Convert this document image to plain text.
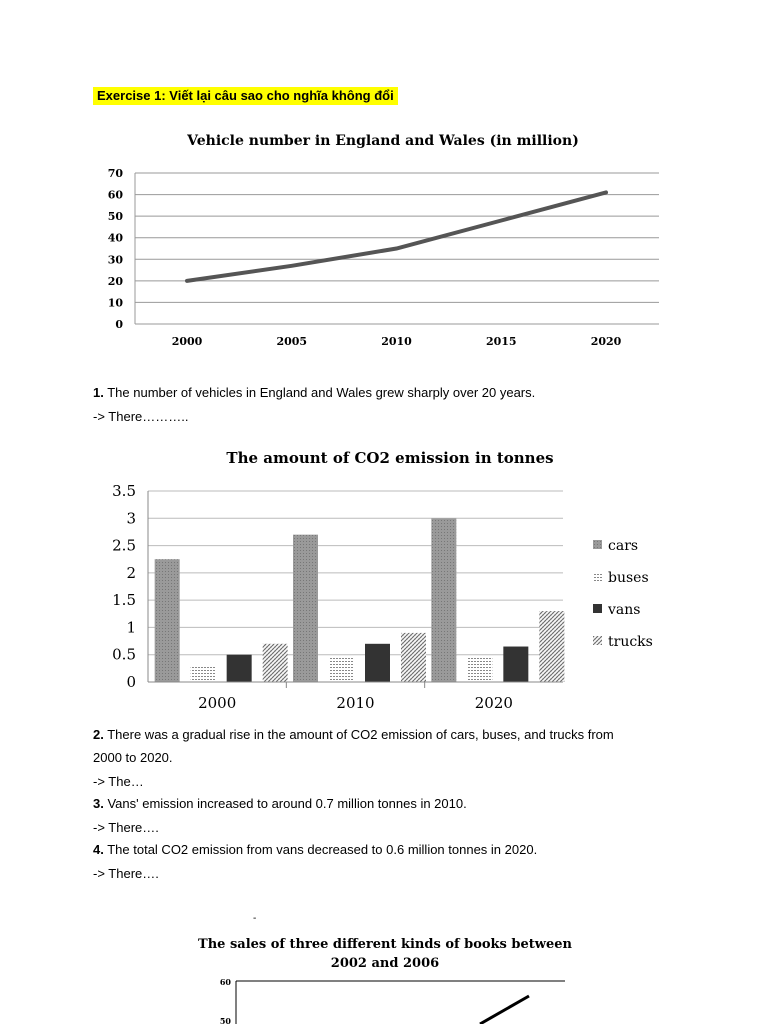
Exercise 1: Viết lại câu sao cho nghĩa không đổi
Vehicle number in England and Wales (in million)
0
10
20
30
40
50
60
70
2000	2005	2010	2015	2020
1. The number of vehicles in England and Wales grew sharply over 20 years.
-> There………..
The amount of CO2 emission in tonnes
0
0.5
1
1.5
2
2.5
3
3.5
2000	2010	2020
cars
buses
vans
trucks
2. There was a gradual rise in the amount of CO2 emission of cars, buses, and trucks from
2000 to 2020.
-> The…
3. Vans' emission increased to around 0.7 million tonnes in 2010.
-> There….
4. The total CO2 emission from vans decreased to 0.6 million tonnes in 2020.
-> There….
-
The sales of three different kinds of books between
2002 and 2006
60
50
